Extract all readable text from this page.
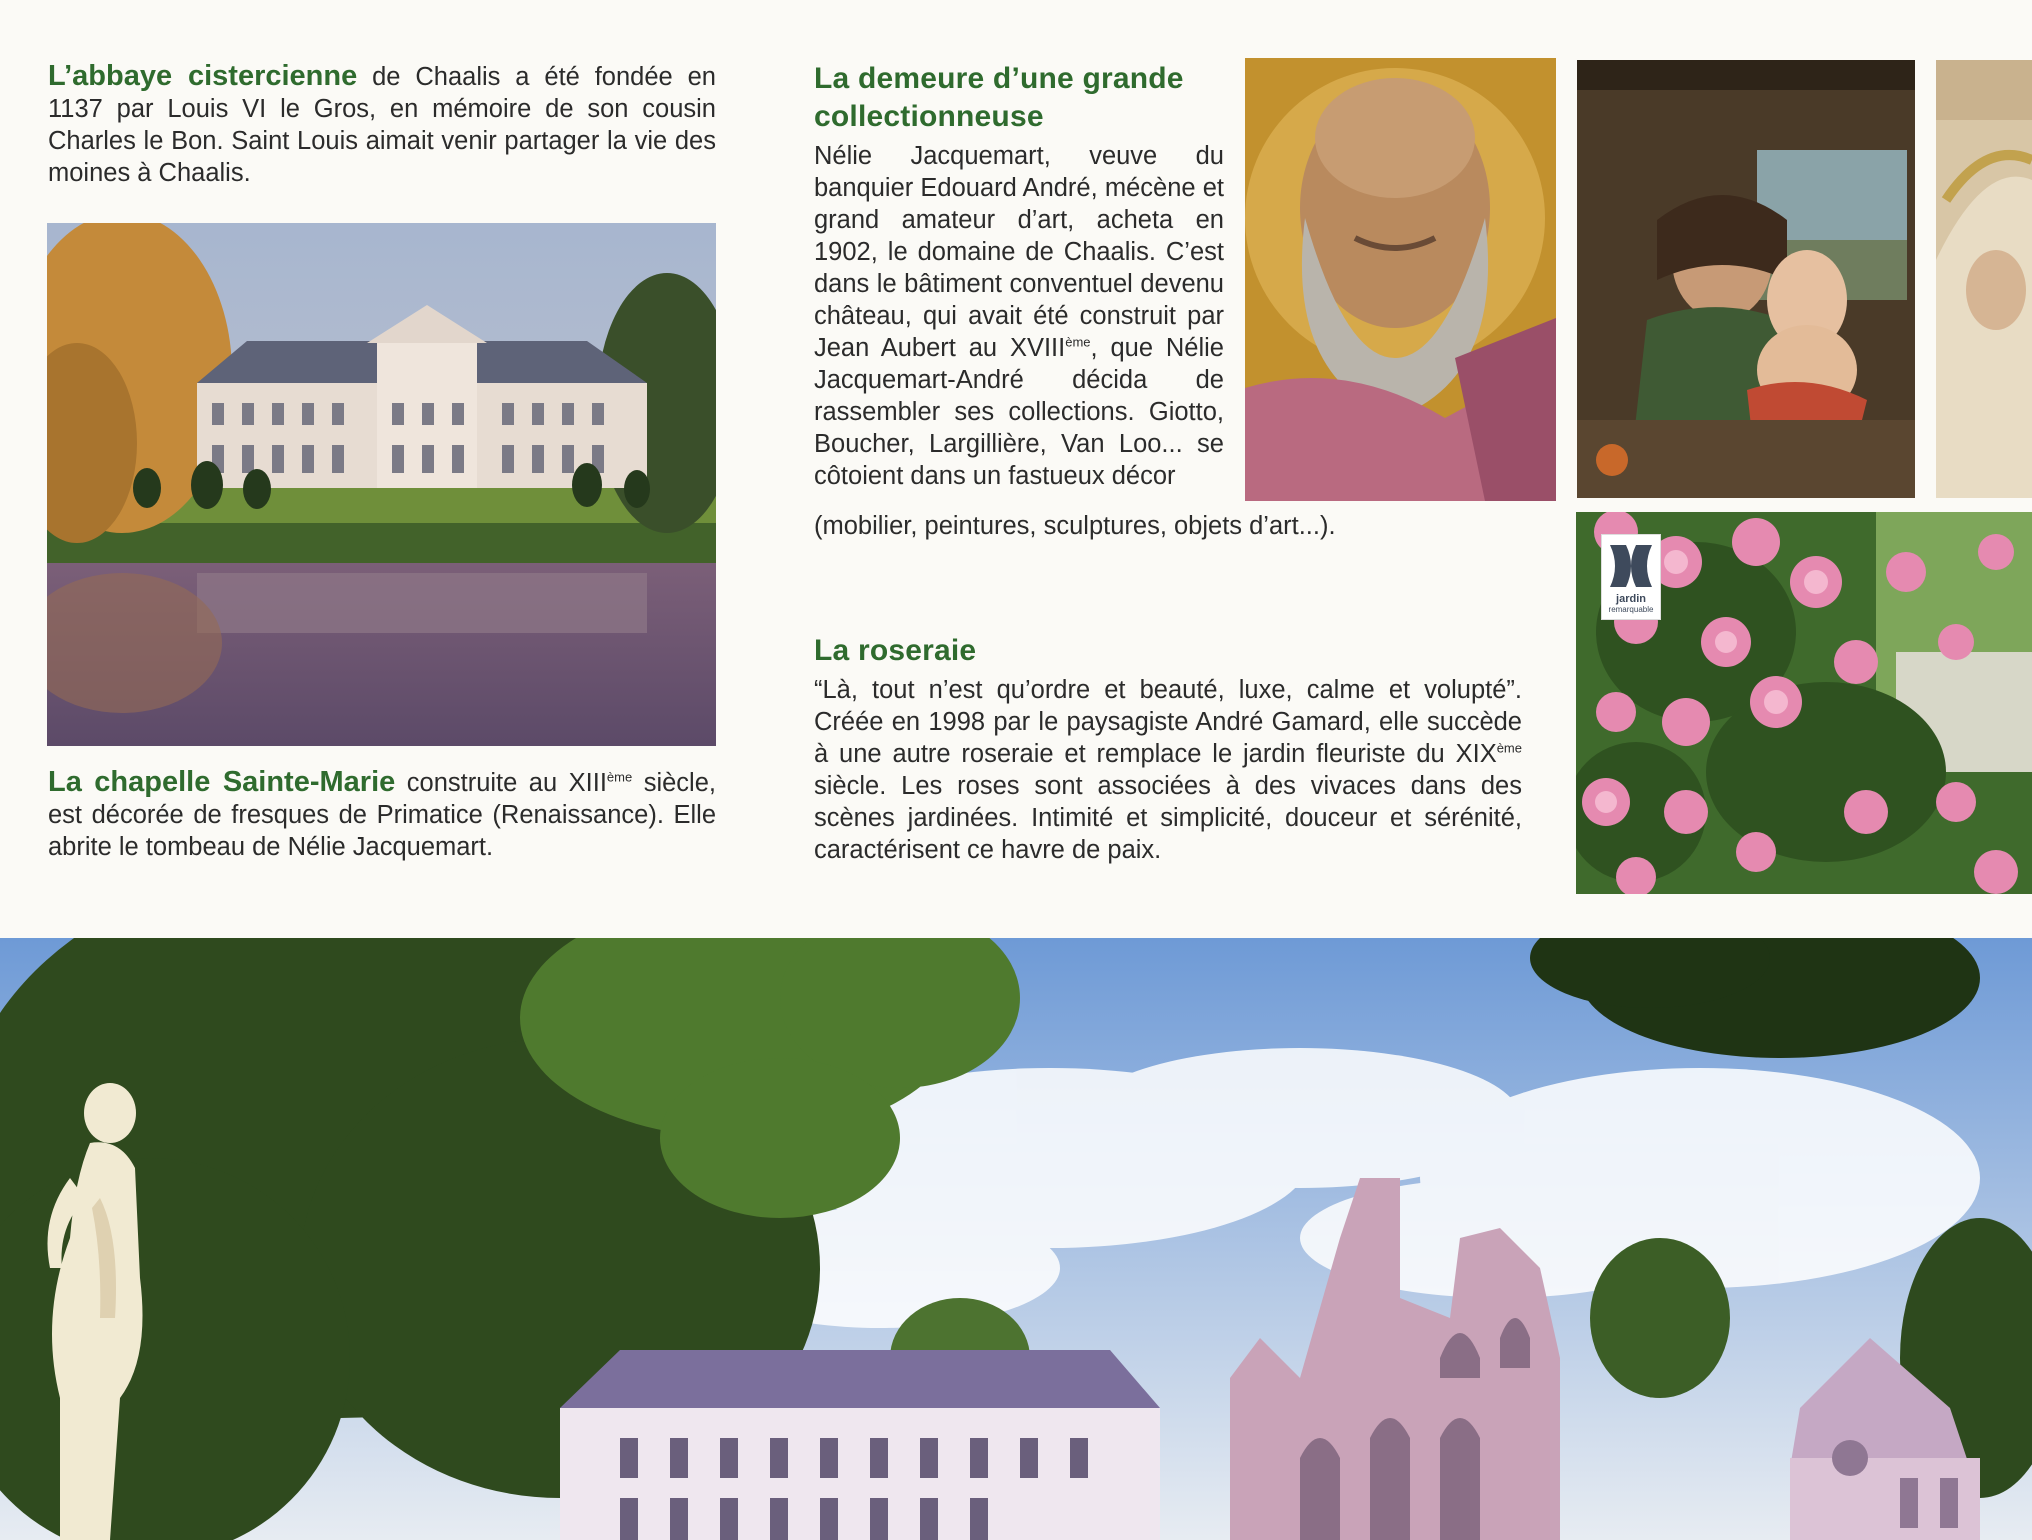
L’abbaye cistercienne de Chaalis a été fondée en 1137 par Louis VI le Gros, en mémoire de son cousin Charles le Bon. Saint Louis aimait venir partager la vie des moines à Chaalis.
La chapelle Sainte-Marie construite au XIIIème siècle, est décorée de fresques de Primatice (Renaissance). Elle abrite le tombeau de Nélie Jacquemart.
La demeure d’une grande
collectionneuse
Nélie Jacquemart, veuve du banquier Edouard André, mécène et grand amateur d’art, acheta en 1902, le domaine de Chaalis. C’est dans le bâtiment conventuel devenu château, qui avait été construit par Jean Aubert au XVIIIème, que Nélie Jacquemart-André décida de rassembler ses collections. Giotto, Boucher, Largillière, Van Loo... se côtoient dans un fastueux décor
(mobilier, peintures, sculptures, objets d’art...).
La roseraie
“Là, tout n’est qu’ordre et beauté, luxe, calme et volupté”. Créée en 1998 par le paysagiste André Gamard, elle succède à une autre roseraie et remplace le jardin fleuriste du XIXème siècle. Les roses sont associées à des vivaces dans des scènes jardinées. Intimité et simplicité, douceur et sérénité, caractérisent ce havre de paix.
jardin
remarquable
